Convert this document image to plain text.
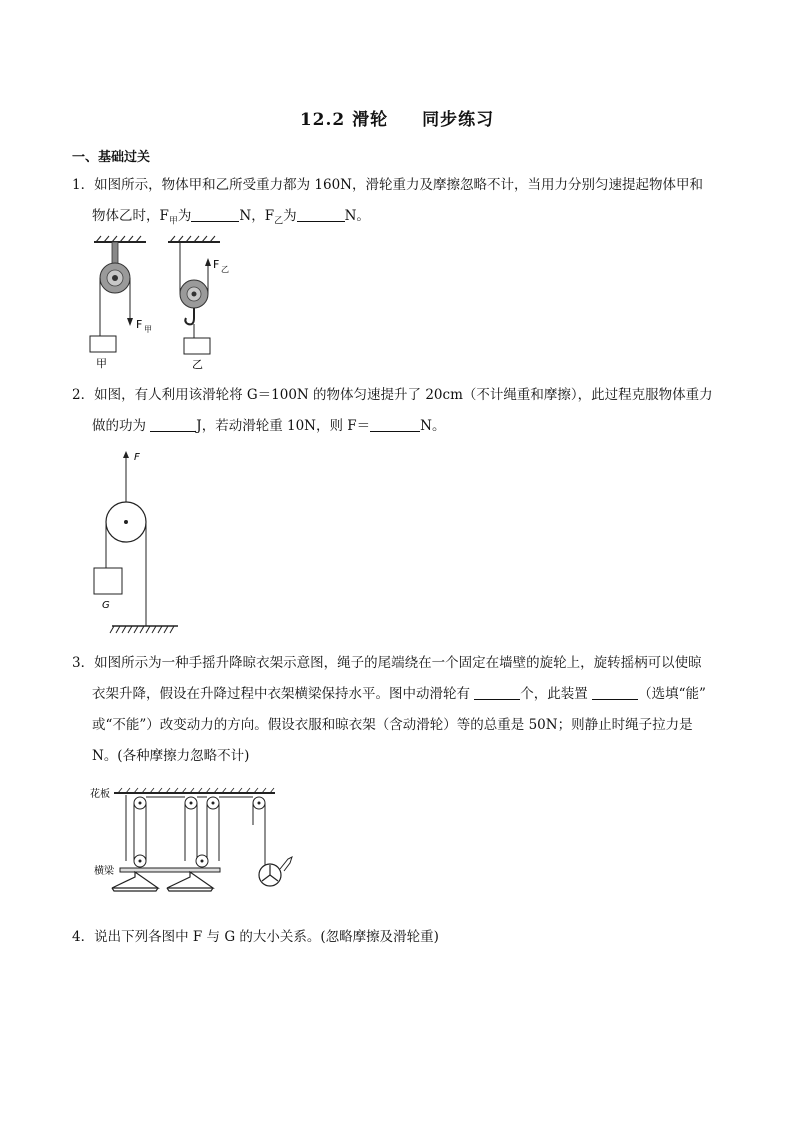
12.2 滑轮 同步练习
一、基础过关
1．如图所示，物体甲和乙所受重力都为 160N，滑轮重力及摩擦忽略不计，当用力分别匀速提起物体甲和
物体乙时，$F_甲$为	N，$F_乙$为	N。
F 甲
甲
F 乙
乙
2．如图，有人利用该滑轮将 G＝100N 的物体匀速提升了 20cm（不计绳重和摩擦），此过程克服物体重力
做的功为	J，若动滑轮重 10N，则 F＝	N。
F
G
3．如图所示为一种手摇升降晾衣架示意图，绳子的尾端绕在一个固定在墙壁的旋轮上，旋转摇柄可以使晾
衣架升降，假设在升降过程中衣架横梁保持水平。图中动滑轮有	个，此装置	（选填“能”
或“不能”）改变动力的方向。假设衣服和晾衣架（含动滑轮）等的总重是 50N；则静止时绳子拉力是
N。(各种摩擦力忽略不计)
花板
横梁
4．说出下列各图中 F 与 G 的大小关系。(忽略摩擦及滑轮重)
